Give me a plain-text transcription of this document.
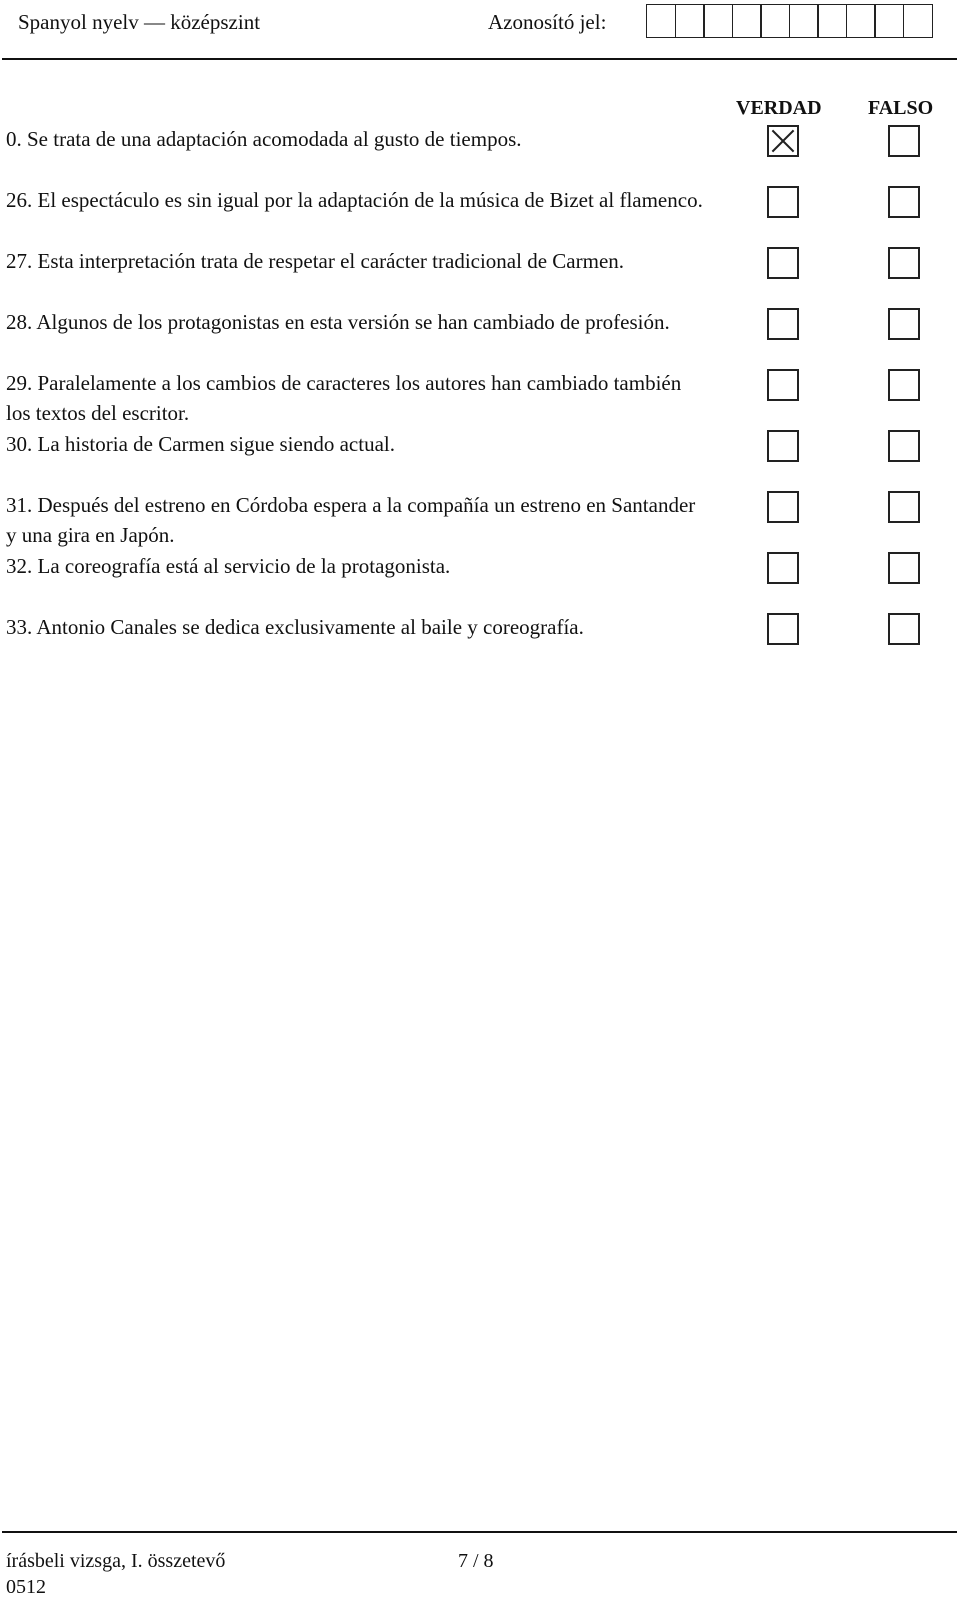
Spanyol nyelv — középszint	Azonosító jel:
VERDAD FALSO
0. Se trata de una adaptación acomodada al gusto de tiempos.
26. El espectáculo es sin igual por la adaptación de la música de Bizet al flamenco.
27. Esta interpretación trata de respetar el carácter tradicional de Carmen.
28. Algunos de los protagonistas en esta versión se han cambiado de profesión.
29. Paralelamente a los cambios de caracteres los autores han cambiado también los textos del escritor.
30. La historia de Carmen sigue siendo actual.
31. Después del estreno en Córdoba espera a la compañía un estreno en Santander y una gira en Japón.
32. La coreografía está al servicio de la protagonista.
33. Antonio Canales se dedica exclusivamente al baile y coreografía.
írásbeli vizsga, I. összetevő
0512
7 / 8
